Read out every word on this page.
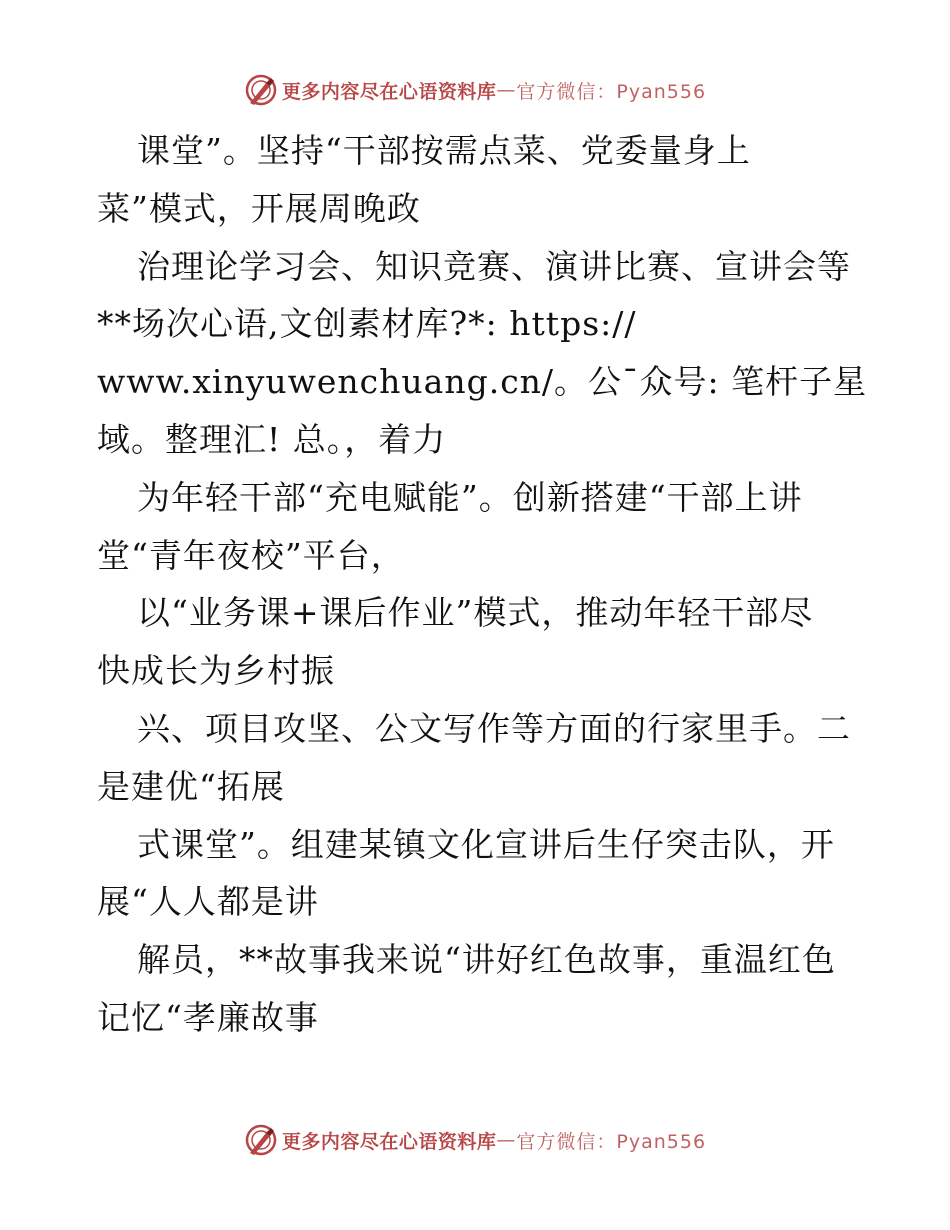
更多内容尽在心语资料库 — 官方微信：Pyan556
课堂”。坚持“干部按需点菜、党委量身上
菜”模式，开展周晚政
治理论学习会、知识竞赛、演讲比赛、宣讲会等
**场次心语,文创素材库?*: https://
www.xinyuwenchuang.cn/。公¯众号: 笔杆子星
域。整理汇! 总。，着力
为年轻干部“充电赋能”。创新搭建“干部上讲
堂“青年夜校”平台，
以“业务课+课后作业”模式，推动年轻干部尽
快成长为乡村振
兴、项目攻坚、公文写作等方面的行家里手。二
是建优“拓展
式课堂”。组建某镇文化宣讲后生仔突击队，开
展“人人都是讲
解员，**故事我来说“讲好红色故事，重温红色
记忆“孝廉故事
更多内容尽在心语资料库 — 官方微信：Pyan556
